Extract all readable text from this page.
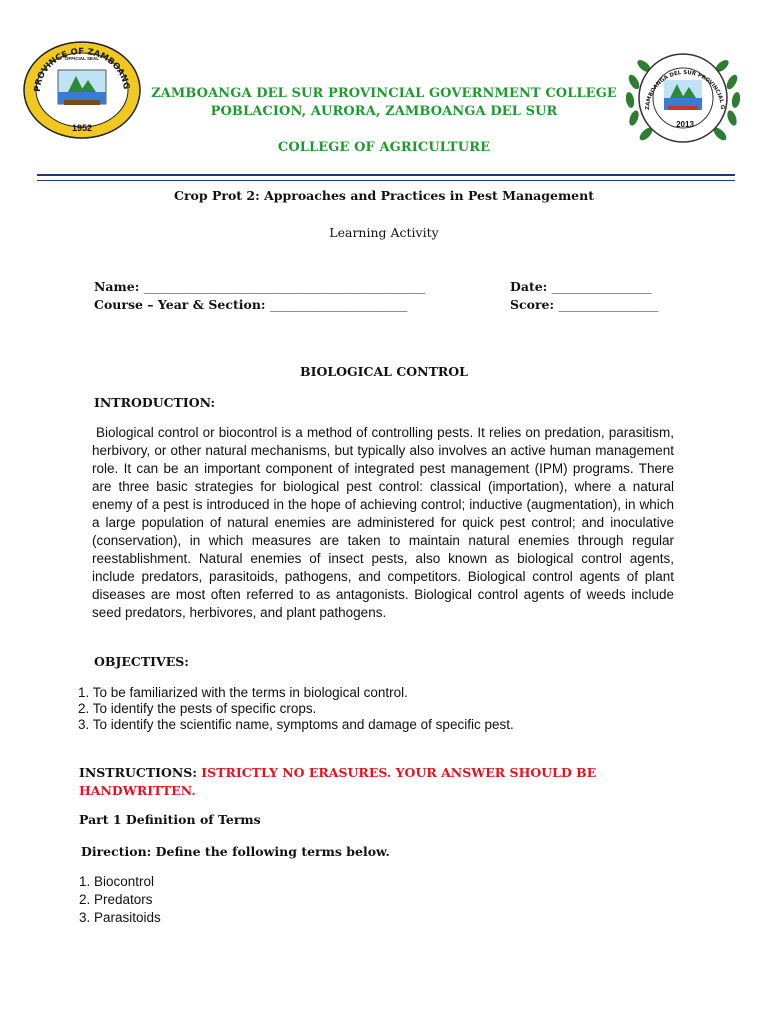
PROVINCE OF ZAMBOANG
OFFICIAL SEAL
1952
ZAMBOANGA DEL SUR PROVINCIAL G
2013
ZAMBOANGA DEL SUR PROVINCIAL GOVERNMENT COLLEGE
POBLACION, AURORA, ZAMBOANGA DEL SUR
COLLEGE OF AGRICULTURE
Crop Prot 2: Approaches and Practices in Pest Management
Learning Activity
Name: _____________________________________________	Date: ________________
Course – Year & Section: ______________________	Score: ________________
BIOLOGICAL CONTROL
INTRODUCTION:
Biological control or biocontrol is a method of controlling pests. It relies on predation, parasitism, herbivory, or other natural mechanisms, but typically also involves an active human management role. It can be an important component of integrated pest management (IPM) programs. There are three basic strategies for biological pest control: classical (importation), where a natural enemy of a pest is introduced in the hope of achieving control; inductive (augmentation), in which a large population of natural enemies are administered for quick pest control; and inoculative (conservation), in which measures are taken to maintain natural enemies through regular reestablishment. Natural enemies of insect pests, also known as biological control agents, include predators, parasitoids, pathogens, and competitors. Biological control agents of plant diseases are most often referred to as antagonists. Biological control agents of weeds include seed predators, herbivores, and plant pathogens.
OBJECTIVES:
1. To be familiarized with the terms in biological control.
2. To identify the pests of specific crops.
3. To identify the scientific name, symptoms and damage of specific pest.
INSTRUCTIONS: ISTRICTLY NO ERASURES. YOUR ANSWER SHOULD BE
HANDWRITTEN.
Part 1 Definition of Terms
Direction: Define the following terms below.
1. Biocontrol
2. Predators
3. Parasitoids
